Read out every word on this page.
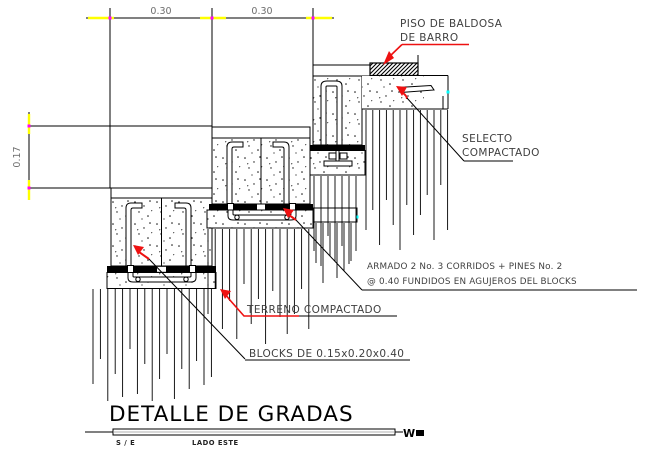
0.30	0.30
0.17
PISO DE BALDOSA
DE BARRO
SELECTO
COMPACTADO
ARMADO 2 No. 3 CORRIDOS + PINES No. 2
@ 0.40 FUNDIDOS EN AGUJEROS DEL BLOCKS
TERRENO COMPACTADO
BLOCKS DE 0.15x0.20x0.40
DETALLE DE GRADAS
W
S / E	LADO ESTE
